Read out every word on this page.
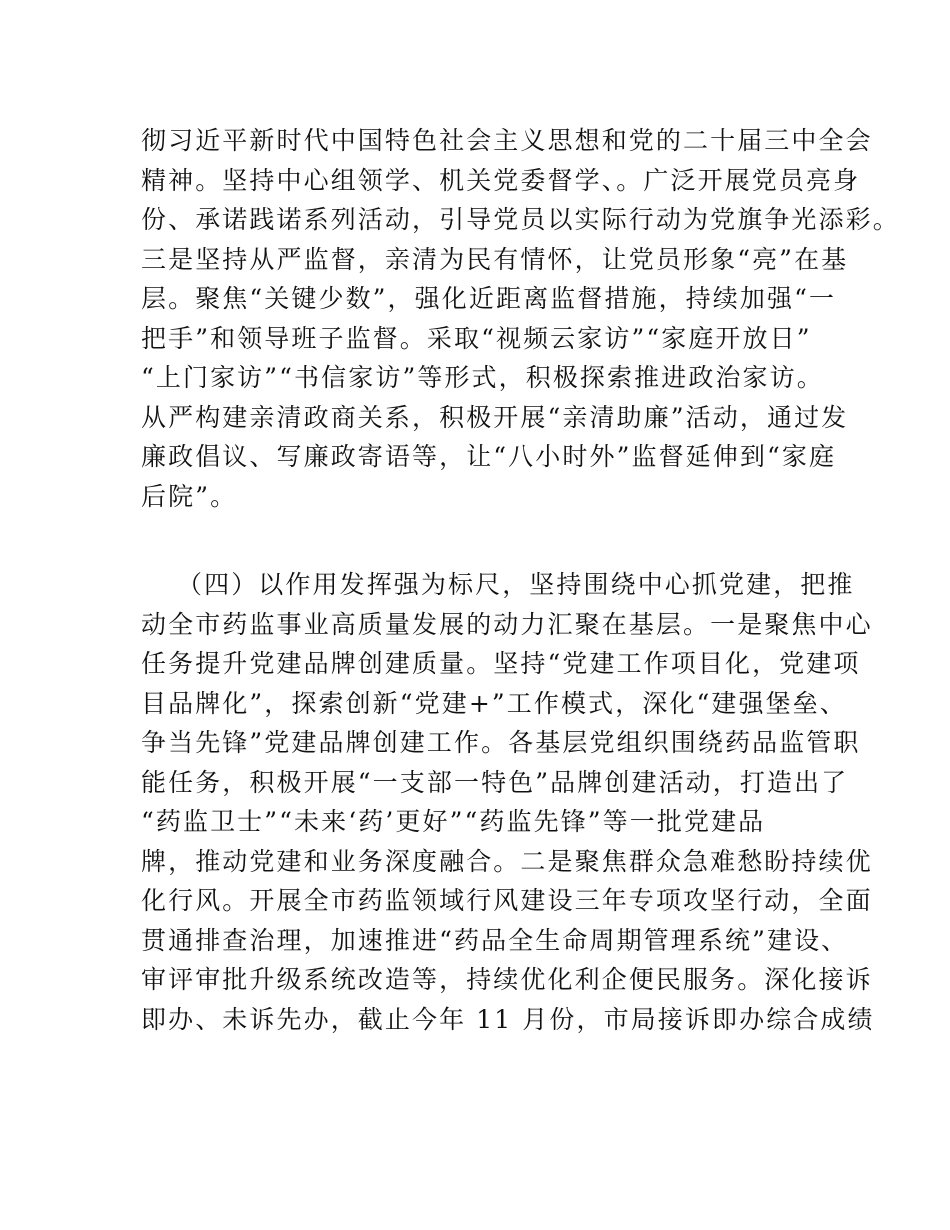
彻习近平新时代中国特色社会主义思想和党的二十届三中全会
精神。坚持中心组领学、机关党委督学、。广泛开展党员亮身
份、承诺践诺系列活动，引导党员以实际行动为党旗争光添彩。
三是坚持从严监督，亲清为民有情怀，让党员形象“亮”在基
层。聚焦“关键少数”，强化近距离监督措施，持续加强“一
把手”和领导班子监督。采取“视频云家访”“家庭开放日”
“上门家访”“书信家访”等形式，积极探索推进政治家访。
从严构建亲清政商关系，积极开展“亲清助廉”活动，通过发
廉政倡议、写廉政寄语等，让“八小时外”监督延伸到“家庭
后院”。
（四）以作用发挥强为标尺，坚持围绕中心抓党建，把推
动全市药监事业高质量发展的动力汇聚在基层。一是聚焦中心
任务提升党建品牌创建质量。坚持“党建工作项目化，党建项
目品牌化”，探索创新“党建+”工作模式，深化“建强堡垒、
争当先锋”党建品牌创建工作。各基层党组织围绕药品监管职
能任务，积极开展“一支部一特色”品牌创建活动，打造出了
“药监卫士”“未来‘药’更好”“药监先锋”等一批党建品
牌，推动党建和业务深度融合。二是聚焦群众急难愁盼持续优
化行风。开展全市药监领域行风建设三年专项攻坚行动，全面
贯通排查治理，加速推进“药品全生命周期管理系统”建设、
审评审批升级系统改造等，持续优化利企便民服务。深化接诉
即办、未诉先办，截止今年 11 月份，市局接诉即办综合成绩
